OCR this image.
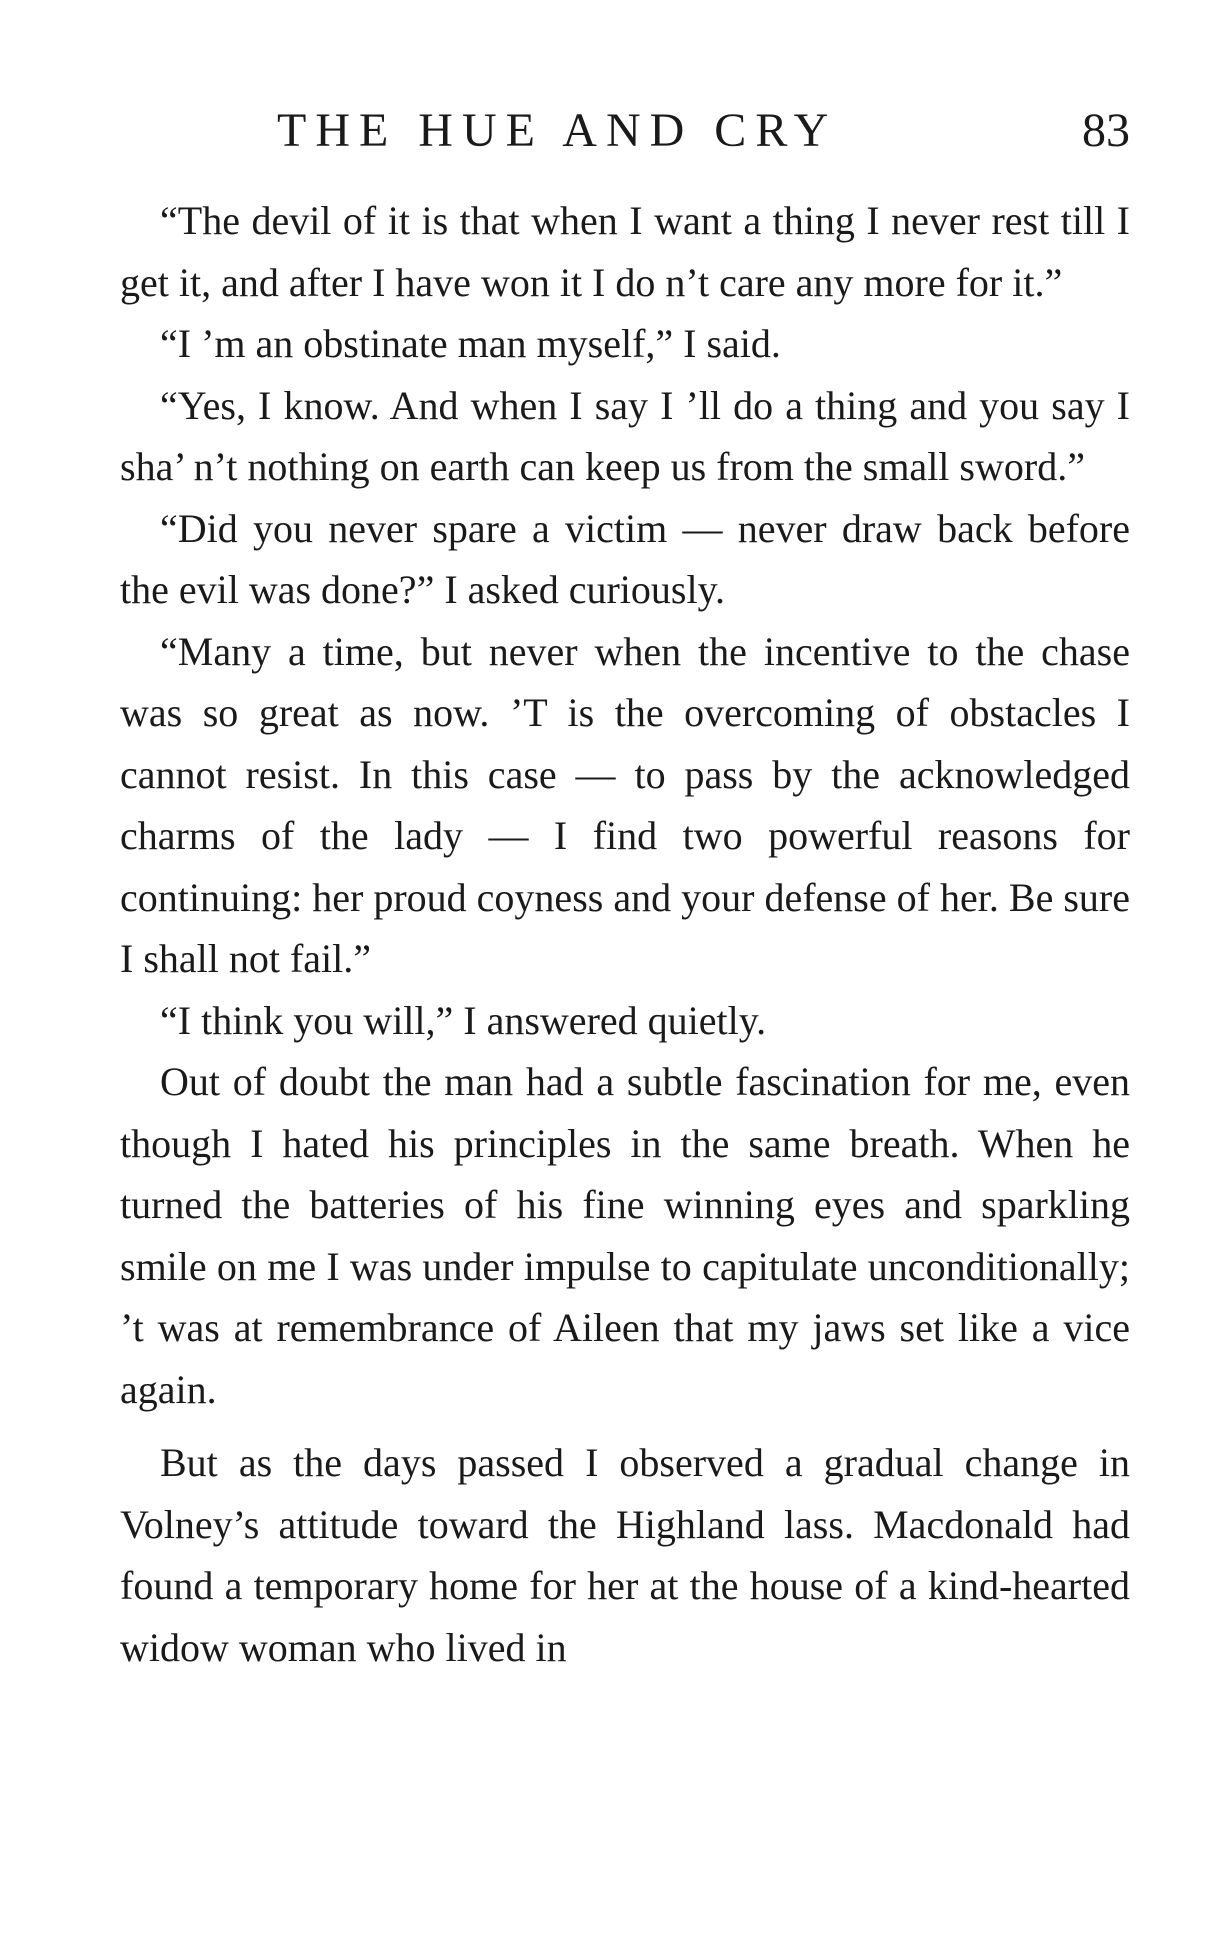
THE HUE AND CRY	83

“The devil of it is that when I want a thing I never rest till I get it, and after I have won it I do n’t care any more for it.”

“I ’m an obstinate man myself,” I said.

“Yes, I know. And when I say I ’ll do a thing and you say I sha’ n’t nothing on earth can keep us from the small sword.”

“Did you never spare a victim — never draw back before the evil was done?” I asked curiously.

“Many a time, but never when the incentive to the chase was so great as now. ’T is the overcoming of obstacles I cannot resist. In this case — to pass by the acknowledged charms of the lady — I find two powerful reasons for continuing: her proud coyness and your defense of her. Be sure I shall not fail.”

“I think you will,” I answered quietly.

Out of doubt the man had a subtle fascination for me, even though I hated his principles in the same breath. When he turned the batteries of his fine winning eyes and sparkling smile on me I was under impulse to capitulate unconditionally; ’t was at remembrance of Aileen that my jaws set like a vice again.

But as the days passed I observed a gradual change in Volney’s attitude toward the Highland lass. Macdonald had found a temporary home for her at the house of a kind-hearted widow woman who lived in
